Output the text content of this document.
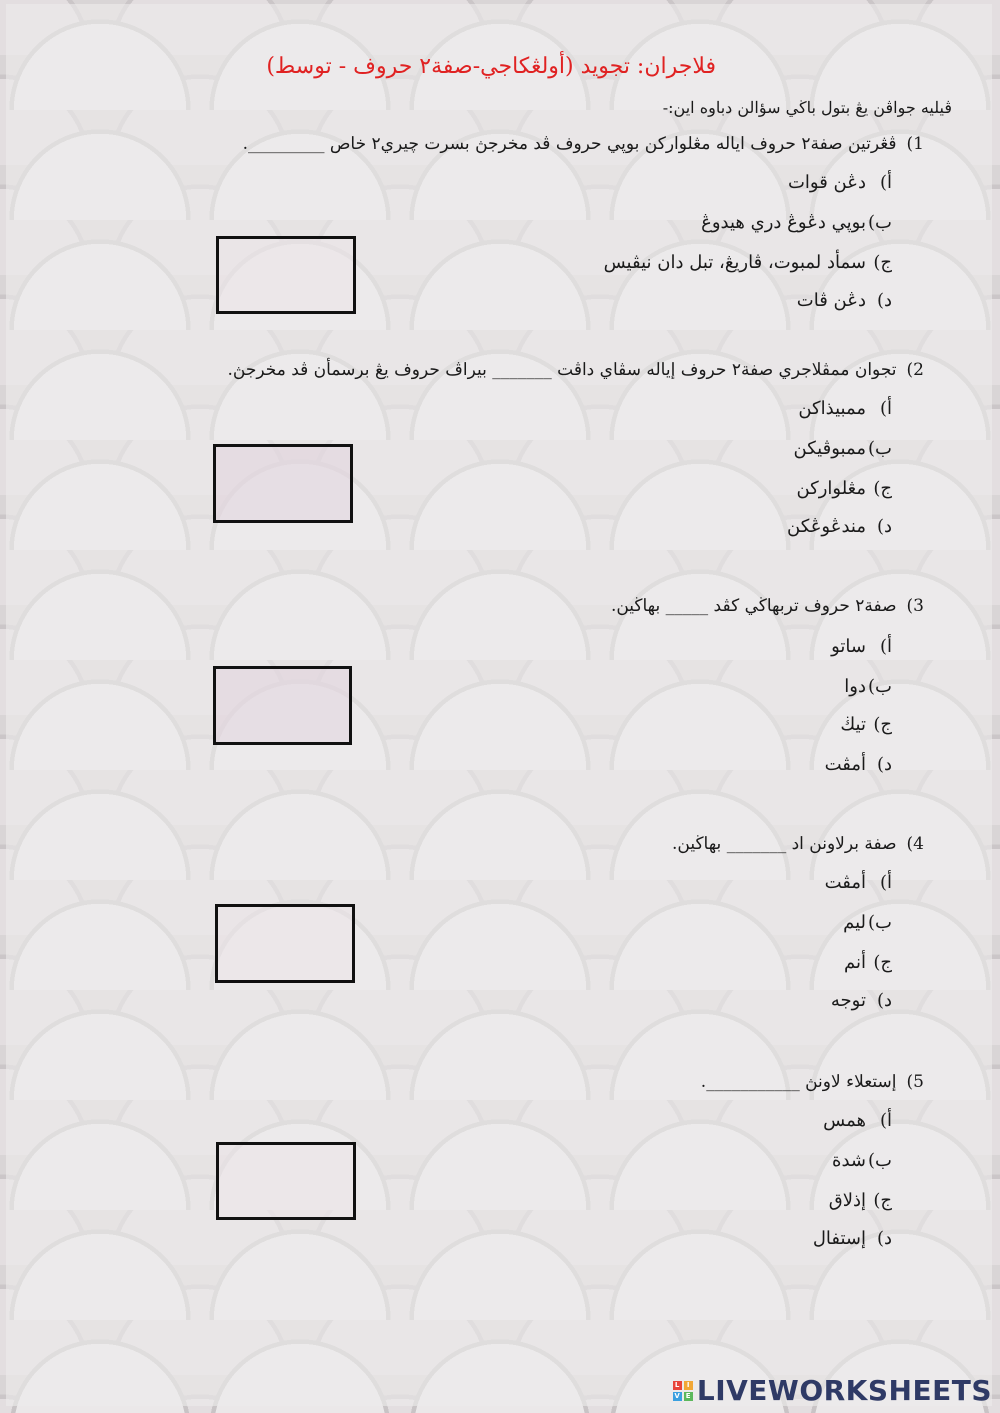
فلاجران: تجويد (أولڠكاجي-صفة٢ حروف - توسط)
ڤيليه جواڤن يڠ بتول باڬي سؤالن دباوه اين:-
1)ڤڠرتين صفة٢ حروف اياله مڠلواركن بوڽي حروف ڤد مخرجڽ بسرت چيري٢ خاص _________.
أ)دڠن قوات
ب)بوڽي دڠوڠ دري هيدوڠ
ج)سمأد لمبوت، ڤاريڠ، تبل دان نيڤيس
د)دڠن ڤات
2)تجوان ممڤلاجري صفة٢ حروف إياله سڤاي داڤت _______ بيراڤ حروف يڠ برسمأن ڤد مخرجڽ.
أ)ممبيذاكن
ب)ممبوڤيكن
ج)مڠلواركن
د)مندڠوڠكن
3)صفة٢ حروف تربهاڬي كڤد _____ بهاڬين.
أ)ساتو
ب)دوا
ج)تيڬ
د)أمڤت
4)صفة برلاونن اد _______ بهاڬين.
أ)أمڤت
ب)ليم
ج)أنم
د)توجه
5)إستعلاء لاونڽ ___________.
أ)همس
ب)شدة
ج)إذلاق
د)إستفال
L I
V E LIVEWORKSHEETS
